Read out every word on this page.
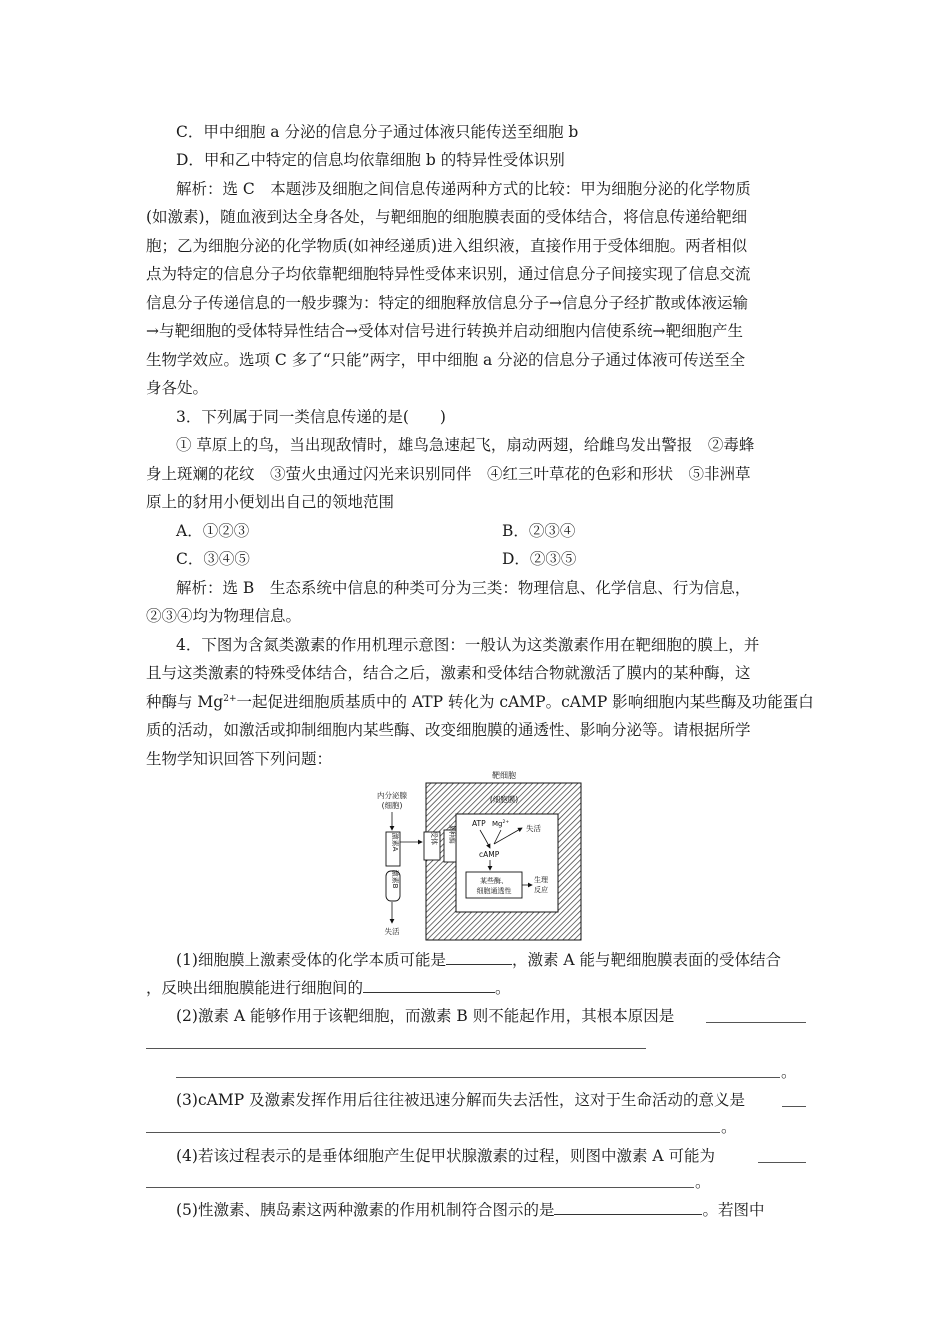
C．甲中细胞 a 分泌的信息分子通过体液只能传送至细胞 b
D．甲和乙中特定的信息均依靠细胞 b 的特异性受体识别
解析：选 C　本题涉及细胞之间信息传递两种方式的比较：甲为细胞分泌的化学物质
(如激素)，随血液到达全身各处，与靶细胞的细胞膜表面的受体结合，将信息传递给靶细
胞；乙为细胞分泌的化学物质(如神经递质)进入组织液，直接作用于受体细胞。两者相似
点为特定的信息分子均依靠靶细胞特异性受体来识别，通过信息分子间接实现了信息交流
信息分子传递信息的一般步骤为：特定的细胞释放信息分子→信息分子经扩散或体液运输
→与靶细胞的受体特异性结合→受体对信号进行转换并启动细胞内信使系统→靶细胞产生
生物学效应。选项 C 多了“只能”两字，甲中细胞 a 分泌的信息分子通过体液可传送至全
身各处。
3．下列属于同一类信息传递的是(　　)
① 草原上的鸟，当出现敌情时，雄鸟急速起飞，扇动两翅，给雌鸟发出警报　②毒蜂
身上斑斓的花纹　③萤火虫通过闪光来识别同伴　④红三叶草花的色彩和形状　⑤非洲草
原上的豺用小便划出自己的领地范围
A．①②③	B．②③④
C．③④⑤	D．②③⑤
解析：选 B　生态系统中信息的种类可分为三类：物理信息、化学信息、行为信息，
②③④均为物理信息。
4．下图为含氮类激素的作用机理示意图：一般认为这类激素作用在靶细胞的膜上，并
且与这类激素的特殊受体结合，结合之后，激素和受体结合物就激活了膜内的某种酶，这
种酶与 $Mg^{2+}$一起促进细胞质基质中的 ATP 转化为 cAMP。cAMP 影响细胞内某些酶及功能蛋白
质的活动，如激活或抑制细胞内某些酶、改变细胞膜的通透性、影响分泌等。请根据所学
生物学知识回答下列问题：
靶细胞
(细胞膜)
内分泌腺
(细胞)
激素A
激素B
失活
受体 某种酶
ATP $Mg^{2+}$
失活
cAMP
某些酶、
细胞通透性
生理
反应
(1)细胞膜上激素受体的化学本质可能是	，激素 A 能与靶细胞膜表面的受体结合
，反映出细胞膜能进行细胞间的	。
(2)激素 A 能够作用于该靶细胞，而激素 B 则不能起作用，其根本原因是
。
(3)cAMP 及激素发挥作用后往往被迅速分解而失去活性，这对于生命活动的意义是
。
(4)若该过程表示的是垂体细胞产生促甲状腺激素的过程，则图中激素 A 可能为
。
(5)性激素、胰岛素这两种激素的作用机制符合图示的是	。若图中
